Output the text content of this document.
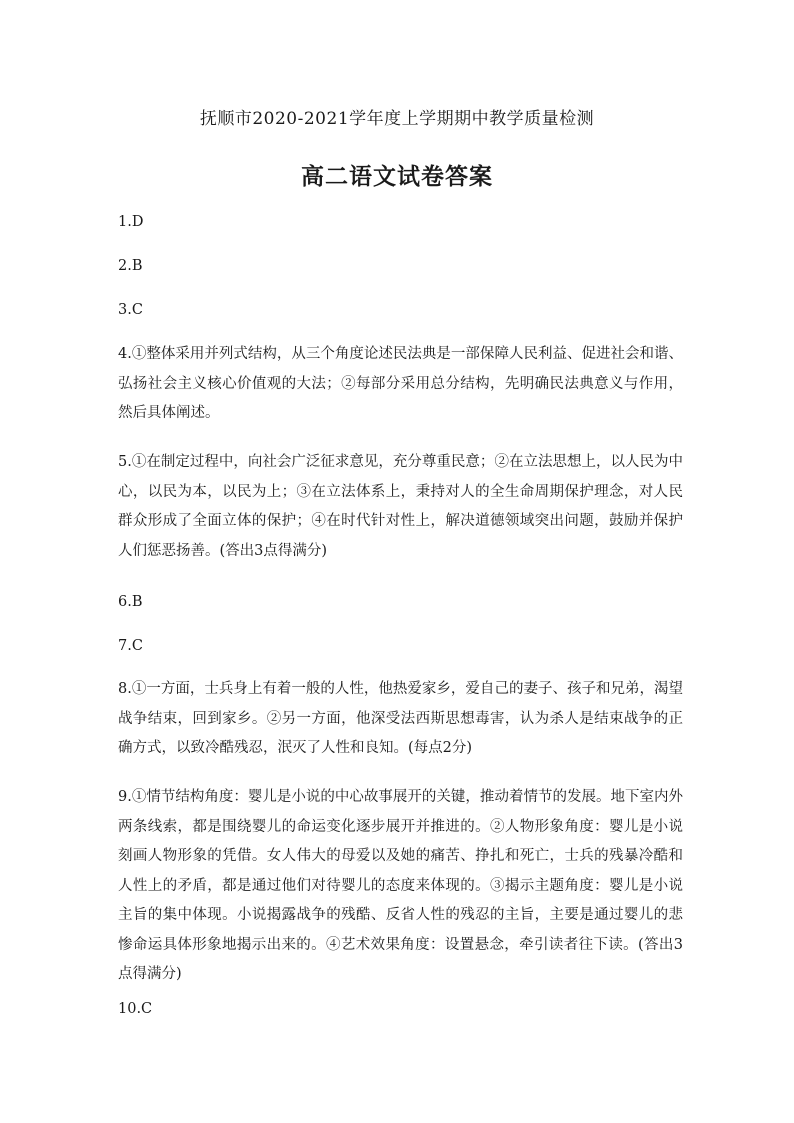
抚顺市2020-2021学年度上学期期中教学质量检测
高二语文试卷答案
1.D
2.B
3.C
4.①整体采用并列式结构，从三个角度论述民法典是一部保障人民利益、促进社会和谐、弘扬社会主义核心价值观的大法；②每部分采用总分结构，先明确民法典意义与作用，然后具体阐述。
5.①在制定过程中，向社会广泛征求意见，充分尊重民意；②在立法思想上，以人民为中心，以民为本，以民为上；③在立法体系上，秉持对人的全生命周期保护理念，对人民群众形成了全面立体的保护；④在时代针对性上，解决道德领域突出问题，鼓励并保护人们惩恶扬善。(答出3点得满分)
6.B
7.C
8.①一方面，士兵身上有着一般的人性，他热爱家乡，爱自己的妻子、孩子和兄弟，渴望战争结束，回到家乡。②另一方面，他深受法西斯思想毒害，认为杀人是结束战争的正确方式，以致冷酷残忍，泯灭了人性和良知。(每点2分)
9.①情节结构角度：婴儿是小说的中心故事展开的关键，推动着情节的发展。地下室内外两条线索，都是围绕婴儿的命运变化逐步展开并推进的。②人物形象角度：婴儿是小说刻画人物形象的凭借。女人伟大的母爱以及她的痛苦、挣扎和死亡，士兵的残暴冷酷和人性上的矛盾，都是通过他们对待婴儿的态度来体现的。③揭示主题角度：婴儿是小说主旨的集中体现。小说揭露战争的残酷、反省人性的残忍的主旨，主要是通过婴儿的悲惨命运具体形象地揭示出来的。④艺术效果角度：设置悬念，牵引读者往下读。(答出3点得满分)
10.C
